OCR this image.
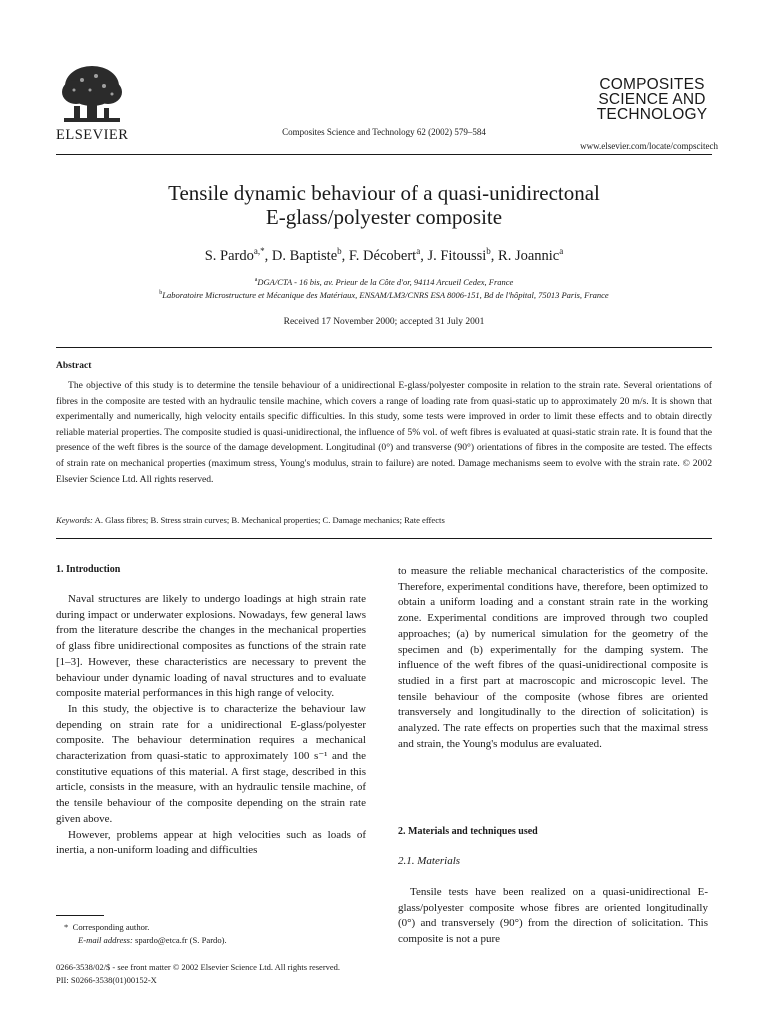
ELSEVIER	Composites Science and Technology 62 (2002) 579–584
COMPOSITES
SCIENCE AND
TECHNOLOGY
www.elsevier.com/locate/compscitech
Tensile dynamic behaviour of a quasi-unidirectonal
E-glass/polyester composite
S. Pardo$^{a,*}$, D. Baptiste$^b$, F. Décobert$^a$, J. Fitoussi$^b$, R. Joannic$^a$
$^a$DGA/CTA - 16 bis, av. Prieur de la Côte d'or, 94114 Arcueil Cedex, France
$^b$Laboratoire Microstructure et Mécanique des Matériaux, ENSAM/LM3/CNRS ESA 8006-151, Bd de l'hôpital, 75013 Paris, France
Received 17 November 2000; accepted 31 July 2001
Abstract
The objective of this study is to determine the tensile behaviour of a unidirectional E-glass/polyester composite in relation to the strain rate. Several orientations of fibres in the composite are tested with an hydraulic tensile machine, which covers a range of loading rate from quasi-static up to approximately 20 m/s. It is shown that experimentally and numerically, high velocity entails specific difficulties. In this study, some tests were improved in order to limit these effects and to obtain directly reliable material properties. The composite studied is quasi-unidirectional, the influence of 5% vol. of weft fibres is evaluated at quasi-static strain rate. It is found that the presence of the weft fibres is the source of the damage development. Longitudinal (0°) and transverse (90°) orientations of fibres in the composite are tested. The effects of strain rate on mechanical properties (maximum stress, Young's modulus, strain to failure) are noted. Damage mechanisms seem to evolve with the strain rate. © 2002 Elsevier Science Ltd. All rights reserved.
Keywords: A. Glass fibres; B. Stress strain curves; B. Mechanical properties; C. Damage mechanics; Rate effects
1. Introduction

Naval structures are likely to undergo loadings at high strain rate during impact or underwater explosions. Nowadays, few general laws from the literature describe the changes in the mechanical properties of glass fibre unidirectional composites as functions of the strain rate [1–3]. However, these characteristics are necessary to prevent the behaviour under dynamic loading of naval structures and to evaluate composite material performances in this high range of velocity.

In this study, the objective is to characterize the behaviour law depending on strain rate for a unidirectional E-glass/polyester composite. The behaviour determination requires a mechanical characterization from quasi-static to approximately 100 s⁻¹ and the constitutive equations of this material. A first stage, described in this article, consists in the measure, with an hydraulic tensile machine, of the tensile behaviour of the composite depending on the strain rate given above.

However, problems appear at high velocities such as loads of inertia, a non-uniform loading and difficulties

* Corresponding author.
E-mail address: spardo@etca.fr (S. Pardo).

to measure the reliable mechanical characteristics of the composite. Therefore, experimental conditions have, therefore, been optimized to obtain a uniform loading and a constant strain rate in the working zone. Experimental conditions are improved through two coupled approaches; (a) by numerical simulation for the geometry of the specimen and (b) experimentally for the damping system. The influence of the weft fibres of the quasi-unidirectional composite is studied in a first part at macroscopic and microscopic level. The tensile behaviour of the composite (whose fibres are oriented transversely and longitudinally to the direction of solicitation) is analyzed. The rate effects on properties such that the maximal stress and strain, the Young's modulus are evaluated.

2. Materials and techniques used
2.1. Materials

Tensile tests have been realized on a quasi-unidirectional E-glass/polyester composite whose fibres are oriented longitudinally (0°) and transversely (90°) from the direction of solicitation. This composite is not a pure

0266-3538/02/$ - see front matter © 2002 Elsevier Science Ltd. All rights reserved.
PII: S0266-3538(01)00152-X
